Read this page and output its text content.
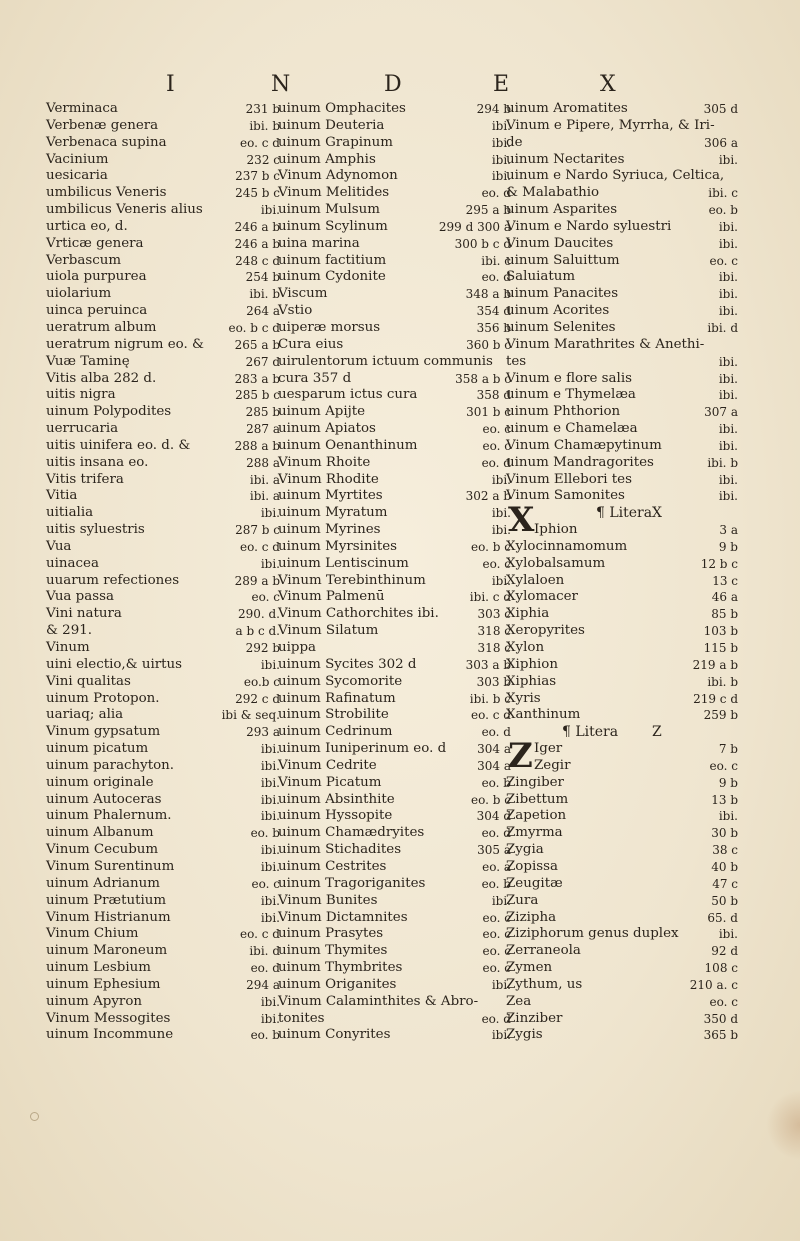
I	N	D	E	X
Verminaca	231 b
Verbenæ genera	ibi. b
Verbenaca supina	eo. c d
Vacinium	232 c
uesicaria	237 b c
umbilicus Veneris	245 b c
umbilicus Veneris alius	ibi.
urtica eo, d.	246 a b
Vrticæ genera	246 a b
Verbascum	248 c d
uiola purpurea	254 b
uiolarium	ibi. b
uinca peruinca	264 a
ueratrum album	eo. b c d
ueratrum nigrum eo. &	265 a b
Vuæ Taminę	267 d
Vitis alba 282 d.	283 a b
uitis nigra	285 b c
uinum Polypodites	285 b
uerrucaria	287 a
uitis uinifera eo. d. &	288 a b
uitis insana eo.	288 a
Vitis trifera	ibi. a
Vitia	ibi. a
uitialia	ibi.
uitis syluestris	287 b c
Vua	eo. c d
uinacea	ibi.
uuarum refectiones	289 a b
Vua passa	eo. c
Vini natura	290. d.
& 291.	a b c d.
Vinum	292 b
uini electio,& uirtus	ibi.
Vini qualitas	eo.b c
uinum Protopon.	292 c d
uariaq; alia	ibi & seq.
Vinum gypsatum	293 a
uinum picatum	ibi.
uinum parachyton.	ibi.
uinum originale	ibi.
uinum Autoceras	ibi.
uinum Phalernum.	ibi.
uinum Albanum	eo. b
Vinum Cecubum	ibi.
Vinum Surentinum	ibi.
uinum Adrianum	eo. c
uinum Prætutium	ibi.
Vinum Histrianum	ibi.
Vinum Chium	eo. c d
uinum Maroneum	ibi. d
uinum Lesbium	eo. d
uinum Ephesium	294 a
uinum Apyron	ibi.
Vinum Messogites	ibi.
uinum Incommune	eo. b
uinum Omphacites	294 b
uinum Deuteria	ibi.
uinum Grapinum	ibi.
uinum Amphis	ibi.
Vinum Adynomon	ibi.
Vinum Melitides	eo. d
uinum Mulsum	295 a b
uinum Scylinum	299 d 300 a
uina marina	300 b c d
uinum factitium	ibi. c
uinum Cydonite	eo. d
Viscum	348 a b
Vstio	354 d
uiperæ morsus	356 b
Cura eius	360 b c
uirulentorum ictuum communis
cura 357 d	358 a b c
uesparum ictus cura	358 d
uinum Apijte	301 b c
uinum Apiatos	eo. c
uinum Oenanthinum	eo. c
Vinum Rhoite	eo. d
Vinum Rhodite	ibi.
uinum Myrtites	302 a b
uinum Myratum	ibi.
uinum Myrines	ibi.
uinum Myrsinites	eo. b c
uinum Lentiscinum	eo. c
Vinum Terebinthinum	ibi.
Vinum Palmenū	ibi. c d
Vinum Cathorchites ibi.	303 c
Vinum Silatum	318 c
uippa	318 c
uinum Sycites 302 d	303 a b
uinum Sycomorite	303 b
uinum Rafinatum	ibi. b c
uinum Strobilite	eo. c d
uinum Cedrinum	eo. d
uinum Iuniperinum eo. d	304 a
Vinum Cedrite	304 a
Vinum Picatum	eo. b
uinum Absinthite	eo. b c
uinum Hyssopite	304 d
uinum Chamædryites	eo. d
uinum Stichadites	305 a
uinum Cestrites	eo. a
uinum Tragoriganites	eo. b
Vinum Bunites	ibi.
Vinum Dictamnites	eo. c
uinum Prasytes	eo. c
uinum Thymites	eo. c
uinum Thymbrites	eo. c
uinum Origanites	ibi.
Vinum Calaminthites & Abro-
tonites	eo. d
uinum Conyrites	ibi.
uinum Aromatites	305 d
Vinum e Pipere, Myrrha, & Iri-
de	306 a
uinum Nectarites	ibi.
uinum e Nardo Syriuca, Celtica,
& Malabathio	ibi. c
uinum Asparites	eo. b
Vinum e Nardo syluestri	ibi.
Vinum Daucites	ibi.
uinum Saluittum	eo. c
Saluiatum	ibi.
uinum Panacites	ibi.
uinum Acorites	ibi.
uinum Selenites	ibi. d
Vinum Marathrites & Anethi-
tes	ibi.
Vinum e flore salis	ibi.
uinum e Thymelæa	ibi.
uinum Phthorion	307 a
uinum e Chamelæa	ibi.
Vinum Chamæpytinum	ibi.
uinum Mandragorites	ibi. b
Vinum Ellebori tes	ibi.
Vinum Samonites	ibi.
X	¶ Litera X
Iphion	3 a
Xylocinnamomum	9 b
Xylobalsamum	12 b c
Xylaloen	13 c
Xylomacer	46 a
Xiphia	85 b
Xeropyrites	103 b
Xylon	115 b
Xiphion	219 a b
Xiphias	ibi. b
Xyris	219 c d
Xanthinum	259 b
¶ Litera Z
Z Iger	7 b
Zegir	eo. c
Zingiber	9 b
Zibettum	13 b
Zapetion	ibi.
Zmyrma	30 b
Zygia	38 c
Zopissa	40 b
Zeugitæ	47 c
Zura	50 b
Zizipha	65. d
Ziziphorum genus duplex	ibi.
Zerraneola	92 d
Zymen	108 c
Zythum, us	210 a. c
Zea	eo. c
Zinziber	350 d
Zygis	365 b
